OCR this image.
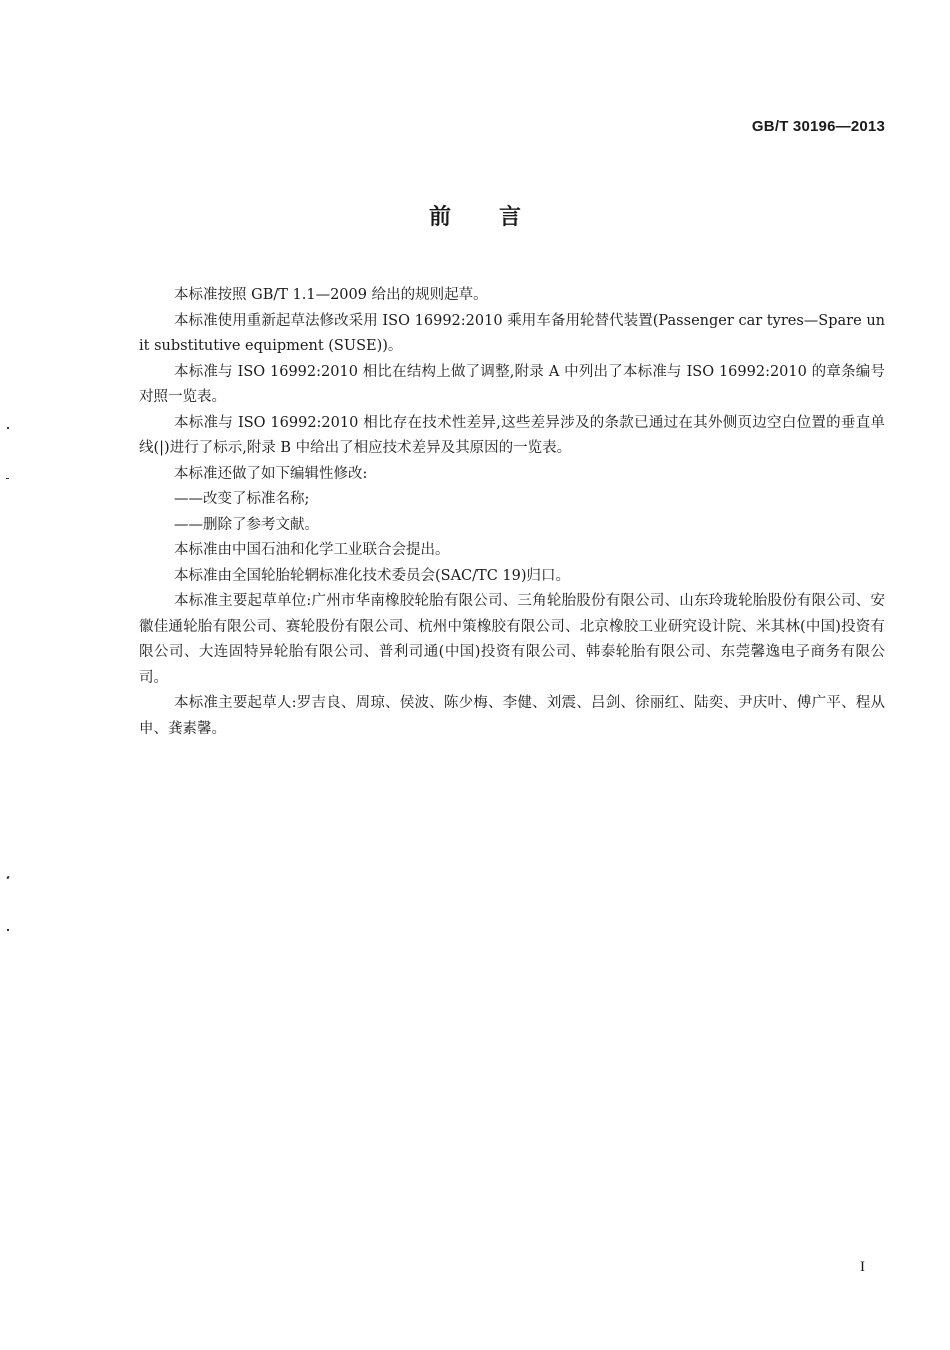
GB/T 30196—2013
前言

本标准按照 GB/T 1.1—2009 给出的规则起草。

本标准使用重新起草法修改采用 ISO 16992:2010 乘用车备用轮替代装置(Passenger car tyres—Spare unit substitutive equipment (SUSE))。

本标准与 ISO 16992:2010 相比在结构上做了调整,附录 A 中列出了本标准与 ISO 16992:2010 的章条编号对照一览表。

本标准与 ISO 16992:2010 相比存在技术性差异,这些差异涉及的条款已通过在其外侧页边空白位置的垂直单线(|)进行了标示,附录 B 中给出了相应技术差异及其原因的一览表。

本标准还做了如下编辑性修改:

——改变了标准名称;

——删除了参考文献。

本标准由中国石油和化学工业联合会提出。

本标准由全国轮胎轮辋标准化技术委员会(SAC/TC 19)归口。

本标准主要起草单位:广州市华南橡胶轮胎有限公司、三角轮胎股份有限公司、山东玲珑轮胎股份有限公司、安徽佳通轮胎有限公司、赛轮股份有限公司、杭州中策橡胶有限公司、北京橡胶工业研究设计院、米其林(中国)投资有限公司、大连固特异轮胎有限公司、普利司通(中国)投资有限公司、韩泰轮胎有限公司、东莞馨逸电子商务有限公司。

本标准主要起草人:罗吉良、周琼、侯波、陈少梅、李健、刘震、吕剑、徐丽红、陆奕、尹庆叶、傅广平、程从申、龚素馨。

I
